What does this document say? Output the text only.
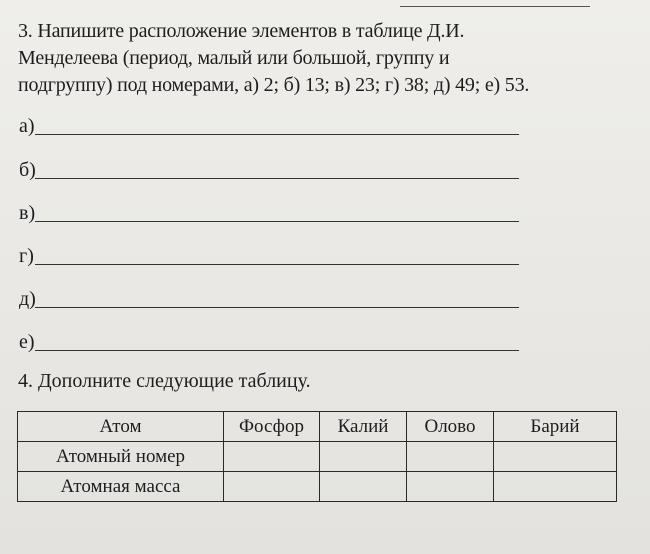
3. Напишите расположение элементов в таблице Д.И.
Менделеева (период, малый или большой, группу и
подгруппу) под номерами, а) 2; б) 13; в) 23; г) 38; д) 49; е) 53.
а)
б)
в)
г)
д)
е)
4. Дополните следующие таблицу.
Атом	Фосфор	Калий	Олово	Барий
Атомный номер				
Атомная масса				
